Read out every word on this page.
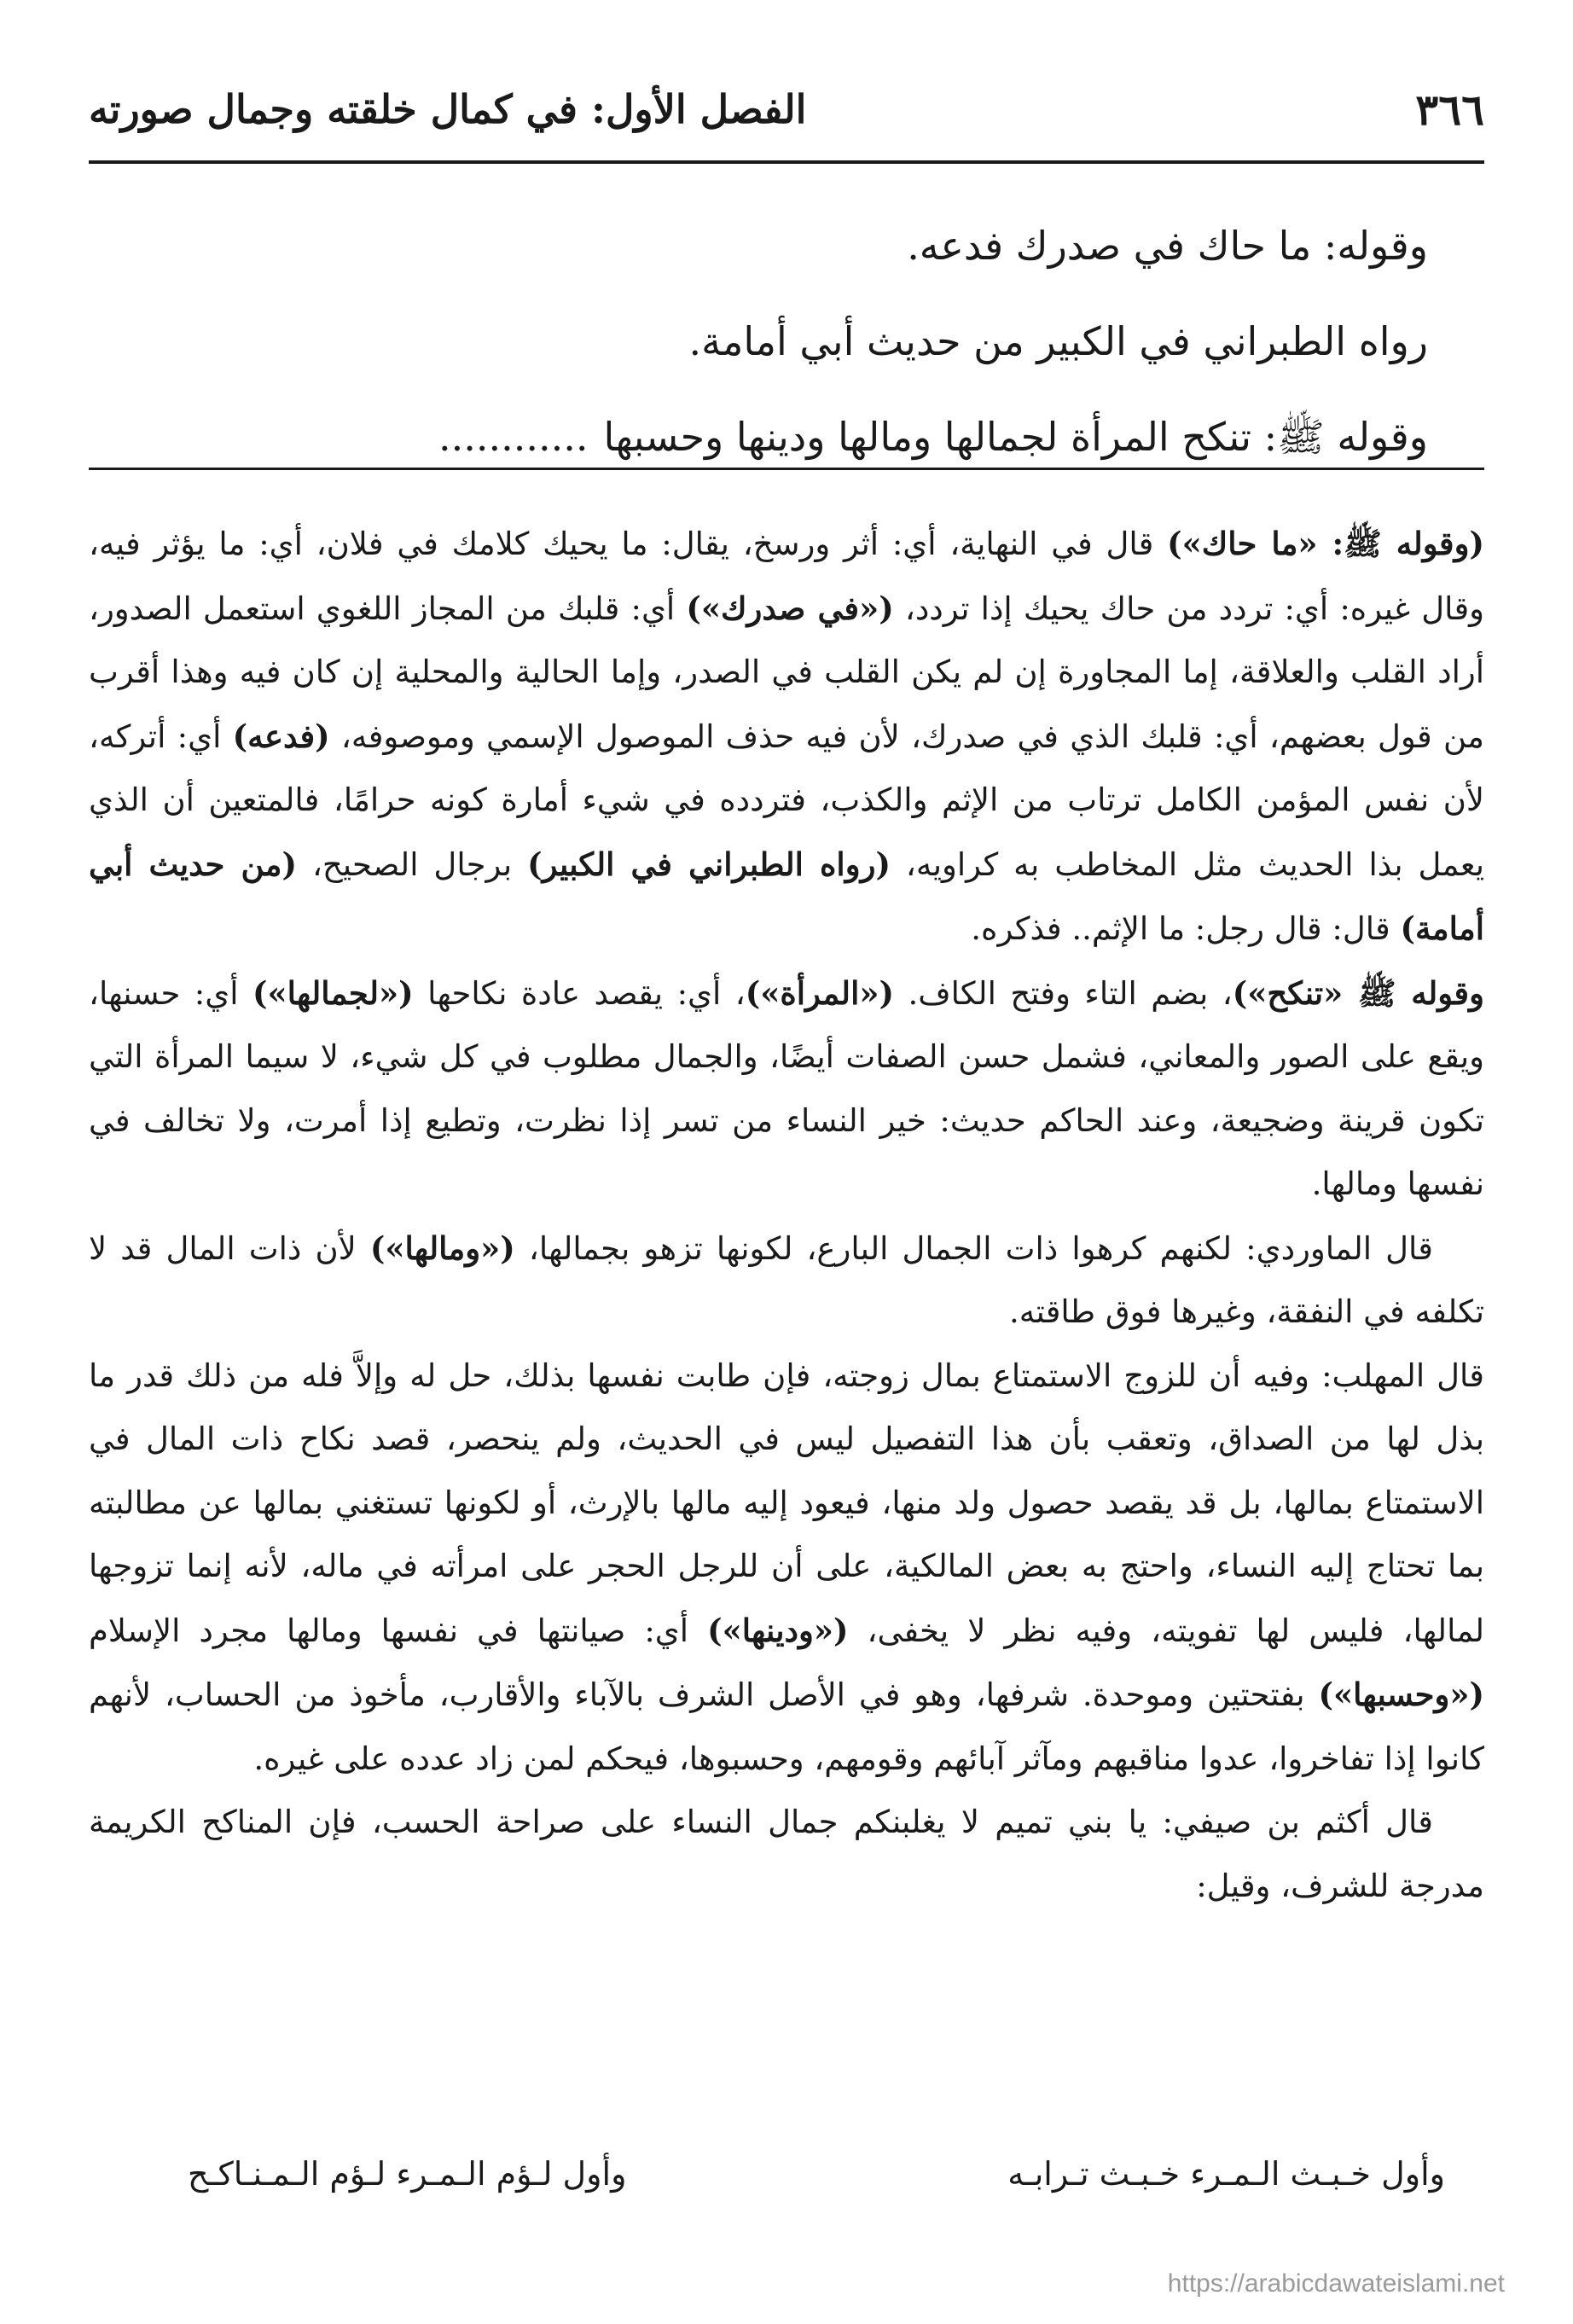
٣٦٦
الفصل الأول: في كمال خلقته وجمال صورته
وقوله: ما حاك في صدرك فدعه.
رواه الطبراني في الكبير من حديث أبي أمامة.
وقوله ﷺ: تنكح المرأة لجمالها ومالها ودينها وحسبها............

(وقوله ﷺ: «ما حاك») قال في النهاية، أي: أثر ورسخ، يقال: ما يحيك كلامك في فلان، أي: ما يؤثر فيه، وقال غيره: أي: تردد من حاك يحيك إذا تردد، («في صدرك») أي: قلبك من المجاز اللغوي استعمل الصدور، أراد القلب والعلاقة، إما المجاورة إن لم يكن القلب في الصدر، وإما الحالية والمحلية إن كان فيه وهذا أقرب من قول بعضهم، أي: قلبك الذي في صدرك، لأن فيه حذف الموصول الإسمي وموصوفه، (فدعه) أي: أتركه، لأن نفس المؤمن الكامل ترتاب من الإثم والكذب، فتردده في شيء أمارة كونه حرامًا، فالمتعين أن الذي يعمل بذا الحديث مثل المخاطب به كراويه، (رواه الطبراني في الكبير) برجال الصحيح، (من حديث أبي أمامة) قال: قال رجل: ما الإثم.. فذكره.

وقوله ﷺ «تنكح»)، بضم التاء وفتح الكاف. («المرأة»)، أي: يقصد عادة نكاحها («لجمالها») أي: حسنها، ويقع على الصور والمعاني، فشمل حسن الصفات أيضًا، والجمال مطلوب في كل شيء، لا سيما المرأة التي تكون قرينة وضجيعة، وعند الحاكم حديث: خير النساء من تسر إذا نظرت، وتطيع إذا أمرت، ولا تخالف في نفسها ومالها.

قال الماوردي: لكنهم كرهوا ذات الجمال البارع، لكونها تزهو بجمالها، («ومالها») لأن ذات المال قد لا تكلفه في النفقة، وغيرها فوق طاقته.

قال المهلب: وفيه أن للزوج الاستمتاع بمال زوجته، فإن طابت نفسها بذلك، حل له وإلاَّ فله من ذلك قدر ما بذل لها من الصداق، وتعقب بأن هذا التفصيل ليس في الحديث، ولم ينحصر، قصد نكاح ذات المال في الاستمتاع بمالها، بل قد يقصد حصول ولد منها، فيعود إليه مالها بالإرث، أو لكونها تستغني بمالها عن مطالبته بما تحتاج إليه النساء، واحتج به بعض المالكية، على أن للرجل الحجر على امرأته في ماله، لأنه إنما تزوجها لمالها، فليس لها تفويته، وفيه نظر لا يخفى، («ودينها») أي: صيانتها في نفسها ومالها مجرد الإسلام («وحسبها») بفتحتين وموحدة. شرفها، وهو في الأصل الشرف بالآباء والأقارب، مأخوذ من الحساب، لأنهم كانوا إذا تفاخروا، عدوا مناقبهم ومآثر آبائهم وقومهم، وحسبوها، فيحكم لمن زاد عدده على غيره.

قال أكثم بن صيفي: يا بني تميم لا يغلبنكم جمال النساء على صراحة الحسب، فإن المناكح الكريمة مدرجة للشرف، وقيل:

وأول خـبـث الـمـرء خـبـث تـرابـه
وأول لـؤم الـمـرء لـؤم الـمـنـاكـح
https://arabicdawateislami.net
